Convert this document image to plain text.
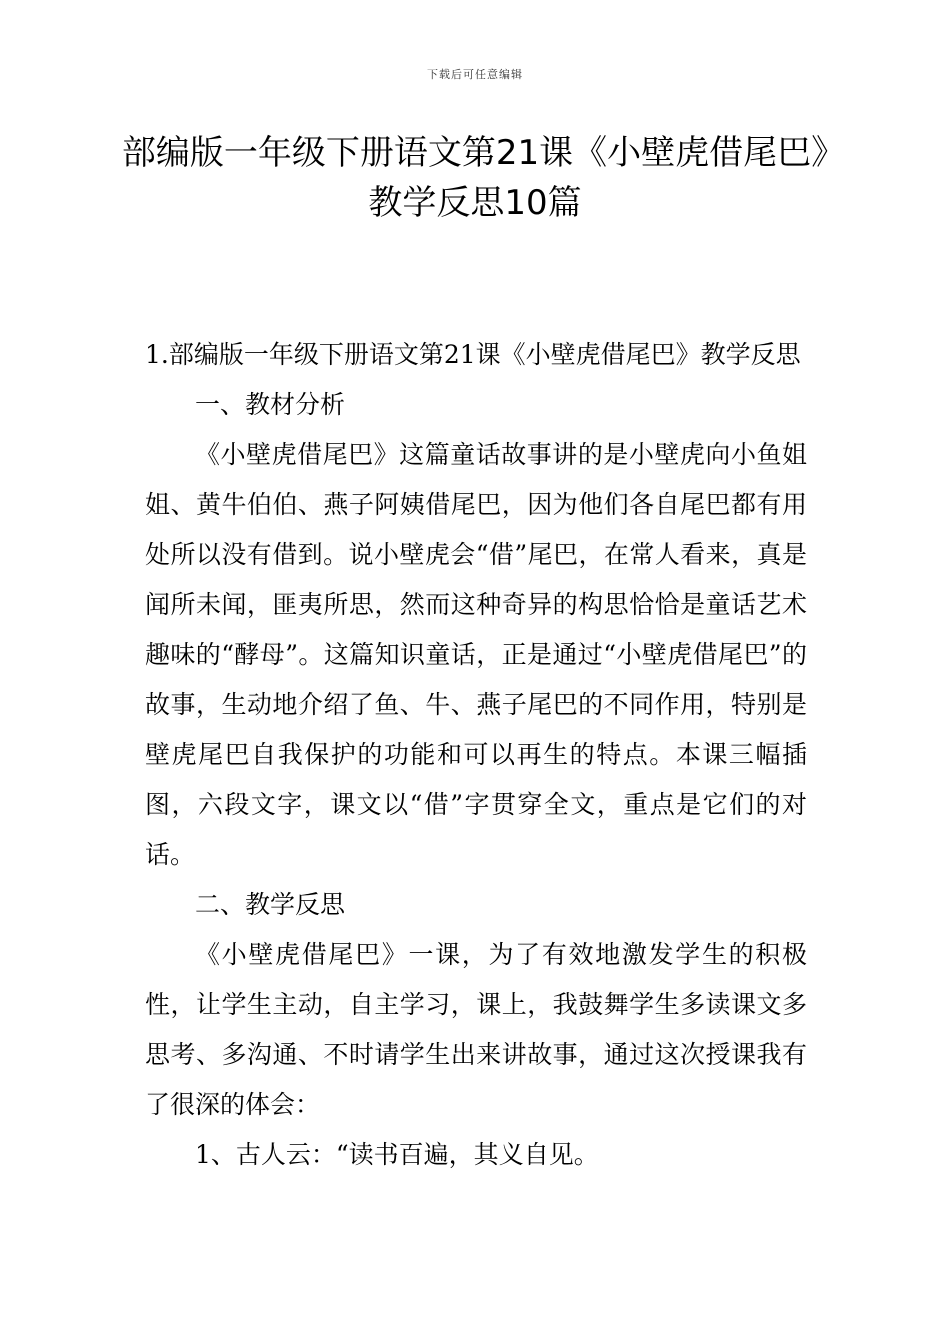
下载后可任意编辑
部编版一年级下册语文第21课《小壁虎借尾巴》教学反思10篇

1.部编版一年级下册语文第21课《小壁虎借尾巴》教学反思

一、教材分析

《小壁虎借尾巴》这篇童话故事讲的是小壁虎向小鱼姐姐、黄牛伯伯、燕子阿姨借尾巴，因为他们各自尾巴都有用处所以没有借到。说小壁虎会“借”尾巴，在常人看来，真是闻所未闻，匪夷所思，然而这种奇异的构思恰恰是童话艺术趣味的“酵母”。这篇知识童话，正是通过“小壁虎借尾巴”的故事，生动地介绍了鱼、牛、燕子尾巴的不同作用，特别是壁虎尾巴自我保护的功能和可以再生的特点。本课三幅插图，六段文字，课文以“借”字贯穿全文，重点是它们的对话。

二、教学反思

《小壁虎借尾巴》一课，为了有效地激发学生的积极性，让学生主动，自主学习，课上，我鼓舞学生多读课文多思考、多沟通、不时请学生出来讲故事，通过这次授课我有了很深的体会：

1、古人云：“读书百遍，其义自见。
